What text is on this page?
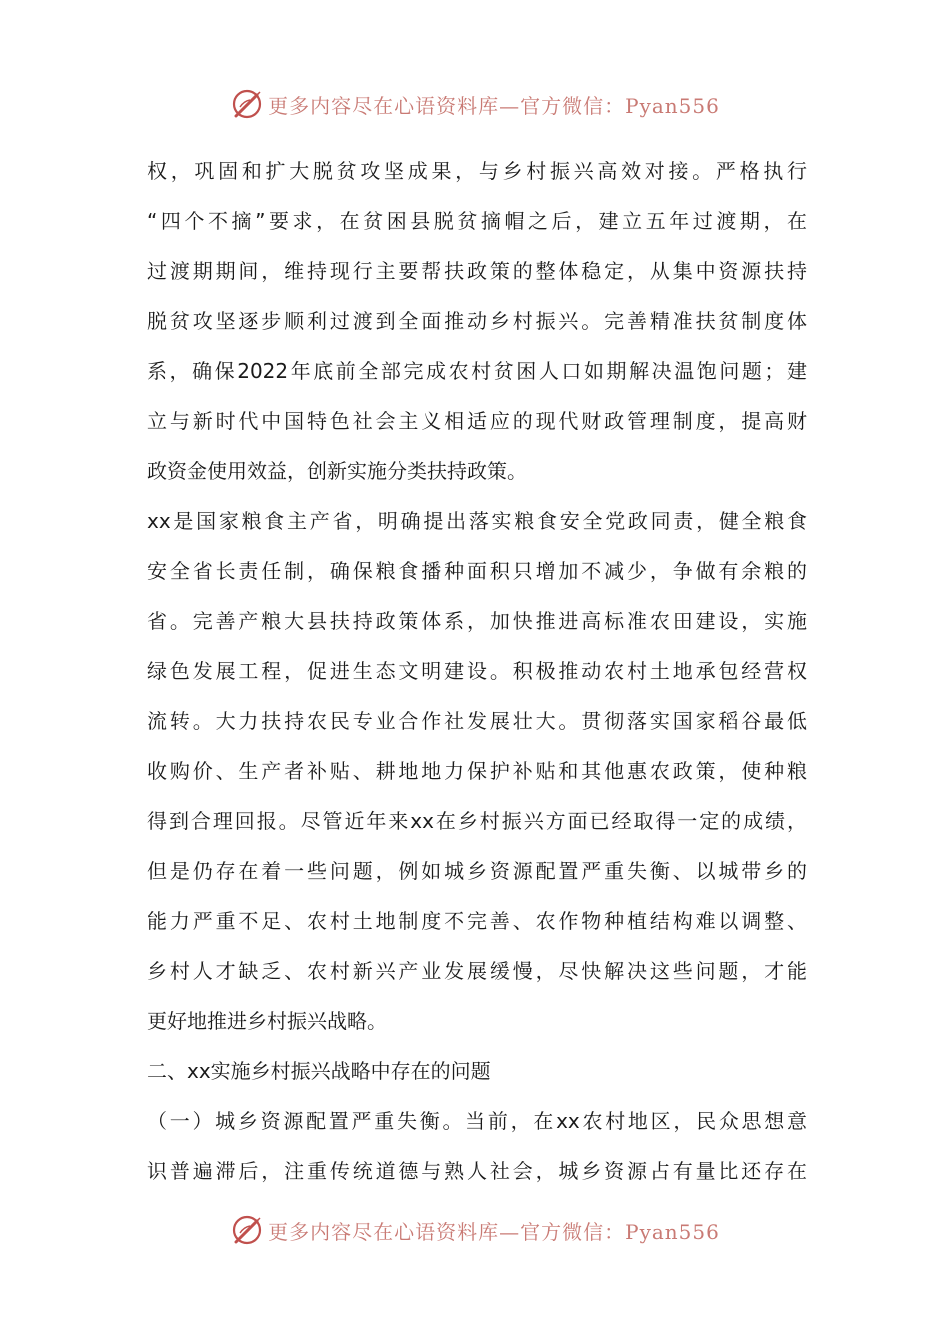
更多内容尽在心语资料库—官方微信：Pyan556
权，巩固和扩大脱贫攻坚成果，与乡村振兴高效对接。严格执行
“四个不摘”要求，在贫困县脱贫摘帽之后，建立五年过渡期，在
过渡期期间，维持现行主要帮扶政策的整体稳定，从集中资源扶持
脱贫攻坚逐步顺利过渡到全面推动乡村振兴。完善精准扶贫制度体
系，确保2022年底前全部完成农村贫困人口如期解决温饱问题；建
立与新时代中国特色社会主义相适应的现代财政管理制度，提高财
政资金使用效益，创新实施分类扶持政策。
xx是国家粮食主产省，明确提出落实粮食安全党政同责，健全粮食
安全省长责任制，确保粮食播种面积只增加不减少，争做有余粮的
省。完善产粮大县扶持政策体系，加快推进高标准农田建设，实施
绿色发展工程，促进生态文明建设。积极推动农村土地承包经营权
流转。大力扶持农民专业合作社发展壮大。贯彻落实国家稻谷最低
收购价、生产者补贴、耕地地力保护补贴和其他惠农政策，使种粮
得到合理回报。尽管近年来xx在乡村振兴方面已经取得一定的成绩，
但是仍存在着一些问题，例如城乡资源配置严重失衡、以城带乡的
能力严重不足、农村土地制度不完善、农作物种植结构难以调整、
乡村人才缺乏、农村新兴产业发展缓慢，尽快解决这些问题，才能
更好地推进乡村振兴战略。
二、xx实施乡村振兴战略中存在的问题
（一）城乡资源配置严重失衡。当前，在xx农村地区，民众思想意
识普遍滞后，注重传统道德与熟人社会，城乡资源占有量比还存在
更多内容尽在心语资料库—官方微信：Pyan556
